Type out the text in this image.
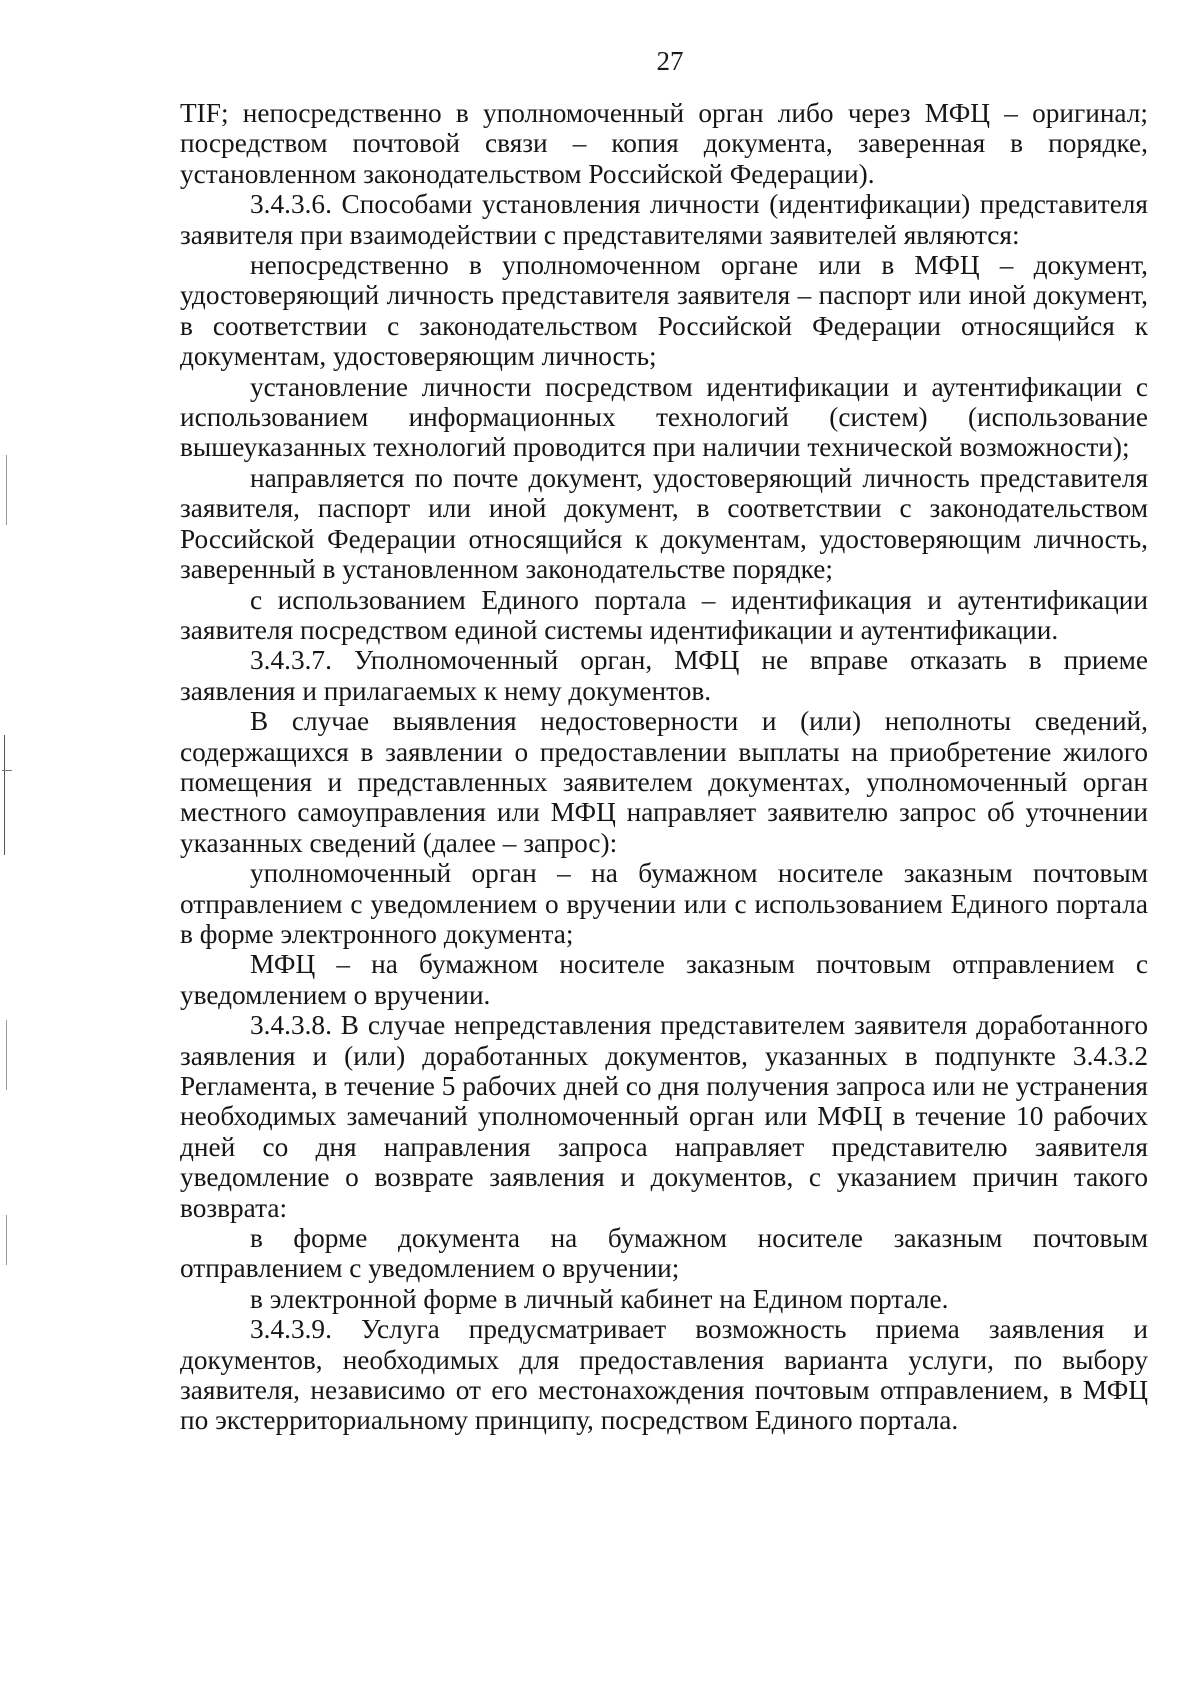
27

TIF; непосредственно в уполномоченный орган либо через МФЦ – оригинал; посредством почтовой связи – копия документа, заверенная в порядке, установленном законодательством Российской Федерации).

3.4.3.6. Способами установления личности (идентификации) представителя заявителя при взаимодействии с представителями заявителей являются:

непосредственно в уполномоченном органе или в МФЦ – документ, удостоверяющий личность представителя заявителя – паспорт или иной документ, в соответствии с законодательством Российской Федерации относящийся к документам, удостоверяющим личность;

установление личности посредством идентификации и аутентификации с использованием информационных технологий (систем) (использование вышеуказанных технологий проводится при наличии технической возможности);

направляется по почте документ, удостоверяющий личность представителя заявителя, паспорт или иной документ, в соответствии с законодательством Российской Федерации относящийся к документам, удостоверяющим личность, заверенный в установленном законодательстве порядке;

с использованием Единого портала – идентификация и аутентификации заявителя посредством единой системы идентификации и аутентификации.

3.4.3.7. Уполномоченный орган, МФЦ не вправе отказать в приеме заявления и прилагаемых к нему документов.

В случае выявления недостоверности и (или) неполноты сведений, содержащихся в заявлении о предоставлении выплаты на приобретение жилого помещения и представленных заявителем документах, уполномоченный орган местного самоуправления или МФЦ направляет заявителю запрос об уточнении указанных сведений (далее – запрос):

уполномоченный орган – на бумажном носителе заказным почтовым отправлением с уведомлением о вручении или с использованием Единого портала в форме электронного документа;

МФЦ – на бумажном носителе заказным почтовым отправлением с уведомлением о вручении.

3.4.3.8. В случае непредставления представителем заявителя доработанного заявления и (или) доработанных документов, указанных в подпункте 3.4.3.2 Регламента, в течение 5 рабочих дней со дня получения запроса или не устранения необходимых замечаний уполномоченный орган или МФЦ в течение 10 рабочих дней со дня направления запроса направляет представителю заявителя уведомление о возврате заявления и документов, с указанием причин такого возврата:

в форме документа на бумажном носителе заказным почтовым отправлением с уведомлением о вручении;

в электронной форме в личный кабинет на Едином портале.

3.4.3.9. Услуга предусматривает возможность приема заявления и документов, необходимых для предоставления варианта услуги, по выбору заявителя, независимо от его местонахождения почтовым отправлением, в МФЦ по экстерриториальному принципу, посредством Единого портала.
